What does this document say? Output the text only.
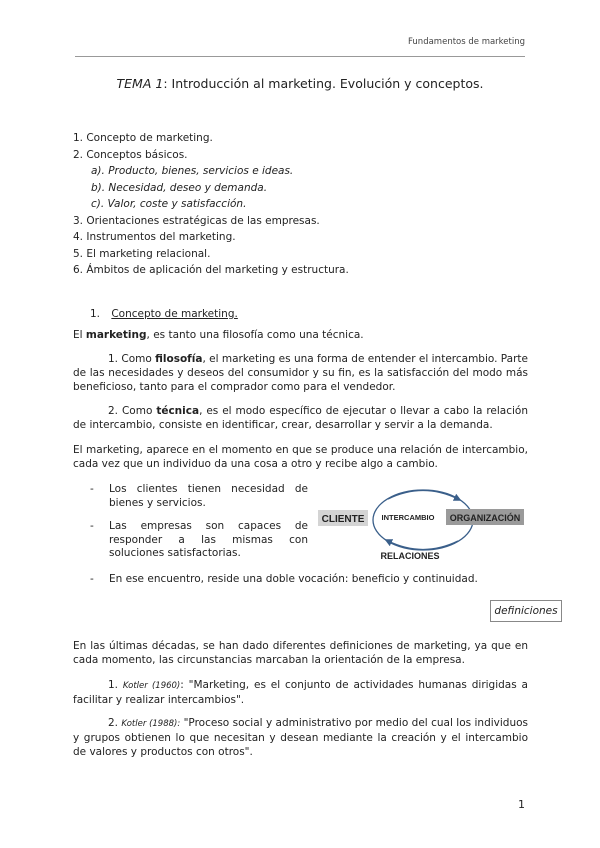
Fundamentos de marketing
TEMA 1: Introducción al marketing. Evolución y conceptos.
1. Concepto de marketing.
2. Conceptos básicos.
a). Producto, bienes, servicios e ideas.
b). Necesidad, deseo y demanda.
c). Valor, coste y satisfacción.
3. Orientaciones estratégicas de las empresas.
4. Instrumentos del marketing.
5. El marketing relacional.
6. Ámbitos de aplicación del marketing y estructura.
1. Concepto de marketing.
El marketing, es tanto una filosofía como una técnica.
1. Como filosofía, el marketing es una forma de entender el intercambio. Parte de las necesidades y deseos del consumidor y su fin, es la satisfacción del modo más beneficioso, tanto para el comprador como para el vendedor.
2. Como técnica, es el modo específico de ejecutar o llevar a cabo la relación de intercambio, consiste en identificar, crear, desarrollar y servir a la demanda.
El marketing, aparece en el momento en que se produce una relación de intercambio, cada vez que un individuo da una cosa a otro y recibe algo a cambio.
- Los clientes tienen necesidad de bienes y servicios.
- Las empresas son capaces de responder a las mismas con soluciones satisfactorias.
CLIENTE	ORGANIZACIÓN
INTERCAMBIO
RELACIONES
- En ese encuentro, reside una doble vocación: beneficio y continuidad.
definiciones
En las últimas décadas, se han dado diferentes definiciones de marketing, ya que en cada momento, las circunstancias marcaban la orientación de la empresa.
1. Kotler (1960): "Marketing, es el conjunto de actividades humanas dirigidas a facilitar y realizar intercambios".
2. Kotler (1988): "Proceso social y administrativo por medio del cual los individuos y grupos obtienen lo que necesitan y desean mediante la creación y el intercambio de valores y productos con otros".
1
